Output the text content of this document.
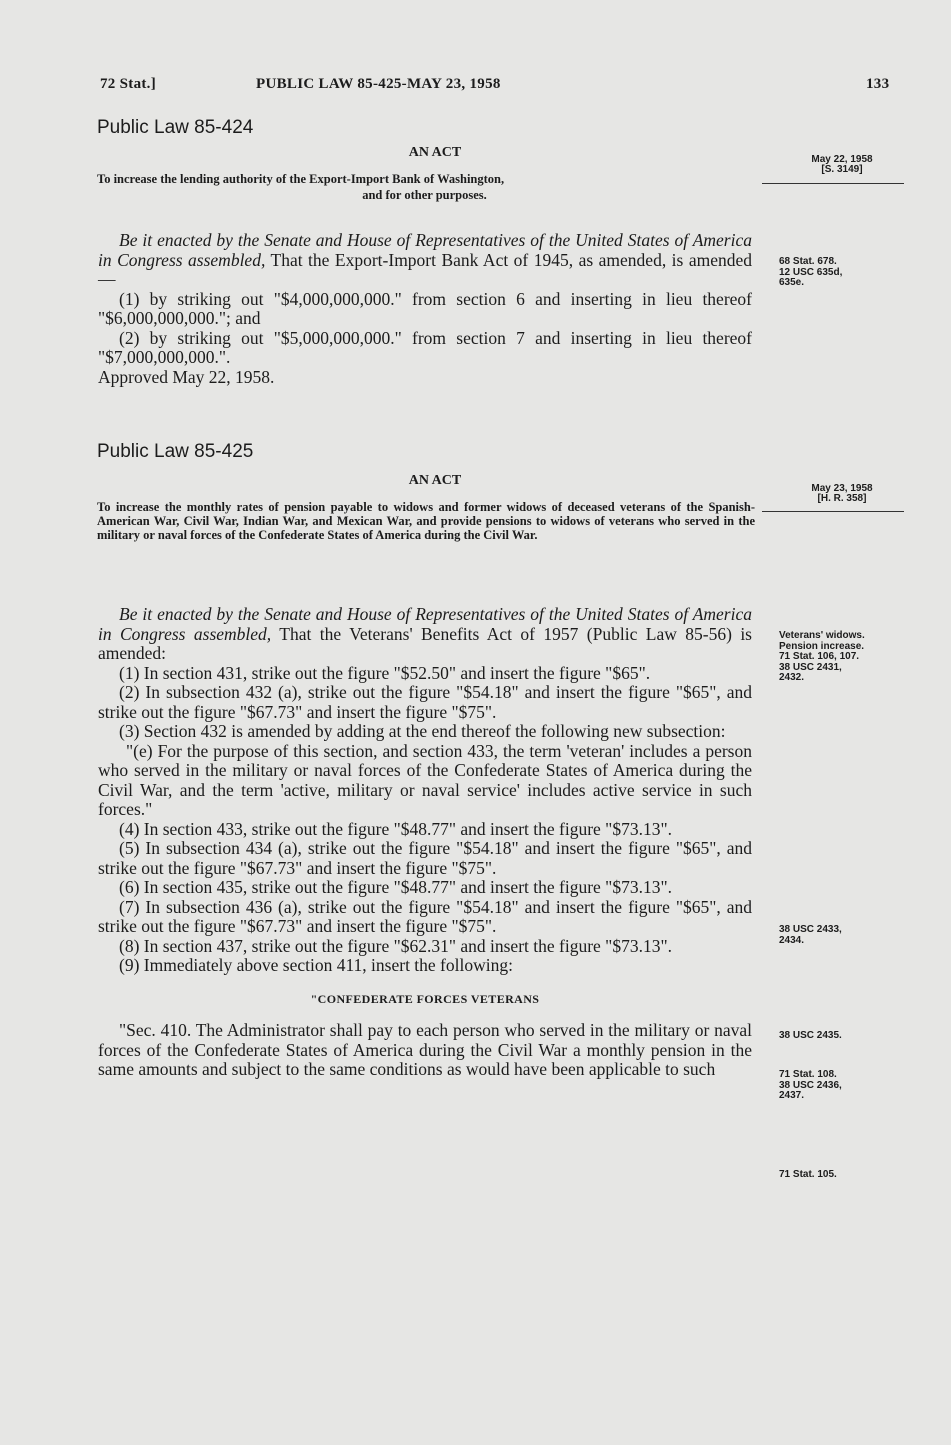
72 Stat.]	PUBLIC LAW 85-425-MAY 23, 1958	133
Public Law 85-424
AN ACT
To increase the lending authority of the Export-Import Bank of Washington,
and for other purposes.
May 22, 1958
[S. 3149]

Be it enacted by the Senate and House of Representatives of the United States of America in Congress assembled, That the Export-Import Bank Act of 1945, as amended, is amended—

(1) by striking out "$4,000,000,000." from section 6 and inserting in lieu thereof "$6,000,000,000."; and

(2) by striking out "$5,000,000,000." from section 7 and inserting in lieu thereof "$7,000,000,000.".

Approved May 22, 1958.

68 Stat. 678.
12 USC 635d,
635e.
Public Law 85-425
AN ACT
To increase the monthly rates of pension payable to widows and former widows of deceased veterans of the Spanish-American War, Civil War, Indian War, and Mexican War, and provide pensions to widows of veterans who served in the military or naval forces of the Confederate States of America during the Civil War.
May 23, 1958
[H. R. 358]

Be it enacted by the Senate and House of Representatives of the United States of America in Congress assembled, That the Veterans' Benefits Act of 1957 (Public Law 85-56) is amended:

(1) In section 431, strike out the figure "$52.50" and insert the figure "$65".

(2) In subsection 432 (a), strike out the figure "$54.18" and insert the figure "$65", and strike out the figure "$67.73" and insert the figure "$75".

(3) Section 432 is amended by adding at the end thereof the following new subsection:

"(e) For the purpose of this section, and section 433, the term 'veteran' includes a person who served in the military or naval forces of the Confederate States of America during the Civil War, and the term 'active, military or naval service' includes active service in such forces."

(4) In section 433, strike out the figure "$48.77" and insert the figure "$73.13".

(5) In subsection 434 (a), strike out the figure "$54.18" and insert the figure "$65", and strike out the figure "$67.73" and insert the figure "$75".

(6) In section 435, strike out the figure "$48.77" and insert the figure "$73.13".

(7) In subsection 436 (a), strike out the figure "$54.18" and insert the figure "$65", and strike out the figure "$67.73" and insert the figure "$75".

(8) In section 437, strike out the figure "$62.31" and insert the figure "$73.13".

(9) Immediately above section 411, insert the following:

"CONFEDERATE FORCES VETERANS

"Sec. 410. The Administrator shall pay to each person who served in the military or naval forces of the Confederate States of America during the Civil War a monthly pension in the same amounts and subject to the same conditions as would have been applicable to such

Veterans' widows.
Pension increase.
71 Stat. 106, 107.
38 USC 2431,
2432.
38 USC 2433,
2434.
38 USC 2435.
71 Stat. 108.
38 USC 2436,
2437.
71 Stat. 105.
